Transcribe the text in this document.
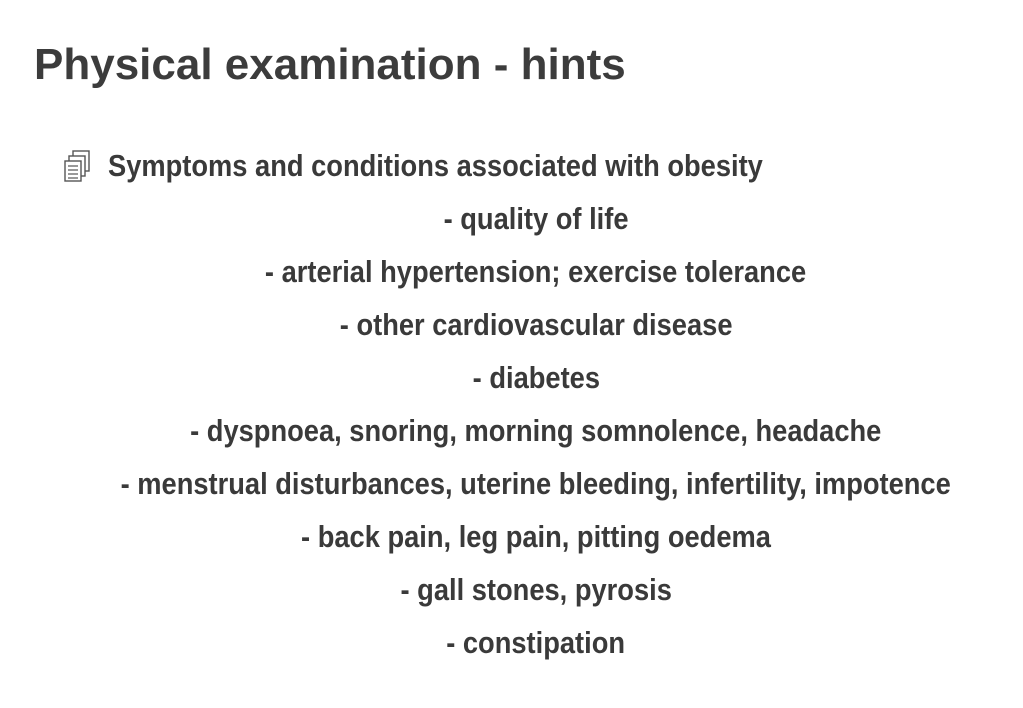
Physical examination - hints
Symptoms and conditions associated with obesity
- quality of life
- arterial hypertension; exercise tolerance
- other cardiovascular disease
- diabetes
- dyspnoea, snoring, morning somnolence, headache
- menstrual disturbances, uterine bleeding, infertility, impotence
- back pain, leg pain, pitting oedema
- gall stones, pyrosis
- constipation
